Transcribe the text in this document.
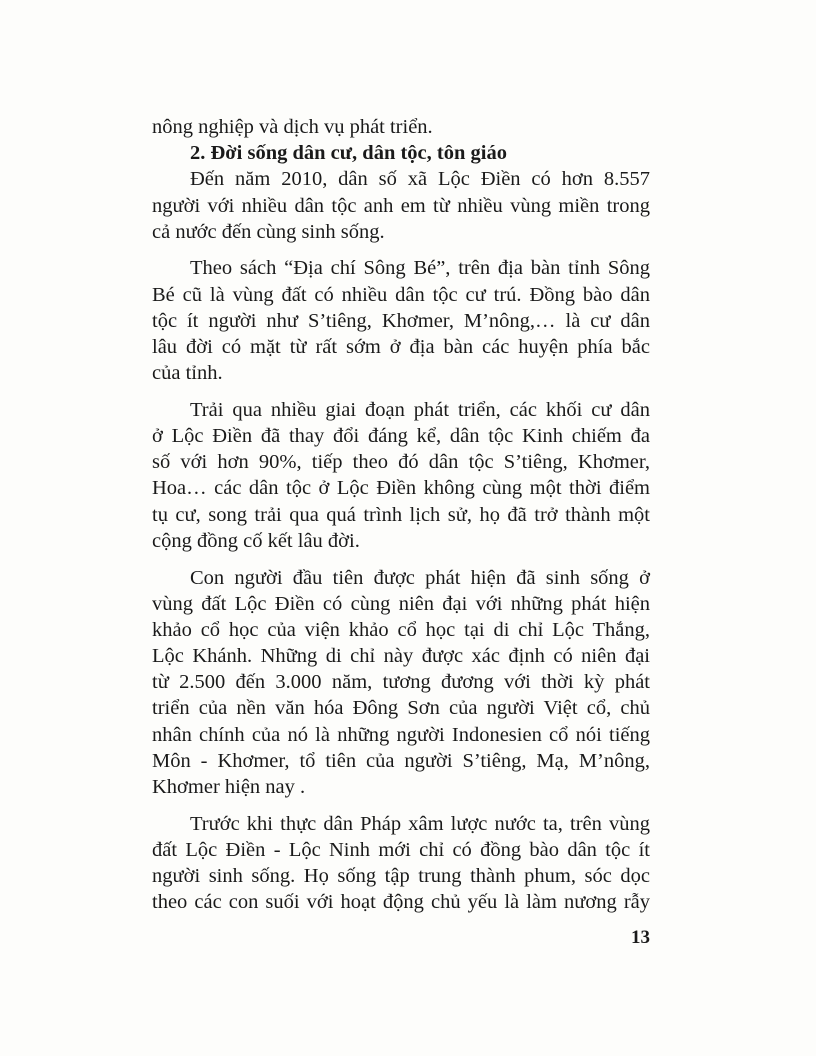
nông nghiệp và dịch vụ phát triển.
2. Đời sống dân cư, dân tộc, tôn giáo
Đến năm 2010, dân số xã Lộc Điền có hơn 8.557
người với nhiều dân tộc anh em từ nhiều vùng miền trong
cả nước đến cùng sinh sống.
Theo sách “Địa chí Sông Bé”, trên địa bàn tỉnh Sông
Bé cũ là vùng đất có nhiều dân tộc cư trú. Đồng bào dân
tộc ít người như S’tiêng, Khơmer, M’nông,… là cư dân
lâu đời có mặt từ rất sớm ở địa bàn các huyện phía bắc
của tỉnh.
Trải qua nhiều giai đoạn phát triển, các khối cư dân
ở Lộc Điền đã thay đổi đáng kể, dân tộc Kinh chiếm đa
số với hơn 90%, tiếp theo đó dân tộc S’tiêng, Khơmer,
Hoa… các dân tộc ở Lộc Điền không cùng một thời điểm
tụ cư, song trải qua quá trình lịch sử, họ đã trở thành một
cộng đồng cố kết lâu đời.
Con người đầu tiên được phát hiện đã sinh sống ở
vùng đất Lộc Điền có cùng niên đại với những phát hiện
khảo cổ học của viện khảo cổ học tại di chỉ Lộc Thắng,
Lộc Khánh. Những di chỉ này được xác định có niên đại
từ 2.500 đến 3.000 năm, tương đương với thời kỳ phát
triển của nền văn hóa Đông Sơn của người Việt cổ, chủ
nhân chính của nó là những người Indonesien cổ nói tiếng
Môn - Khơmer, tổ tiên của người S’tiêng, Mạ, M’nông,
Khơmer hiện nay .
Trước khi thực dân Pháp xâm lược nước ta, trên vùng
đất Lộc Điền - Lộc Ninh mới chỉ có đồng bào dân tộc ít
người sinh sống. Họ sống tập trung thành phum, sóc dọc
theo các con suối với hoạt động chủ yếu là làm nương rẫy
13
